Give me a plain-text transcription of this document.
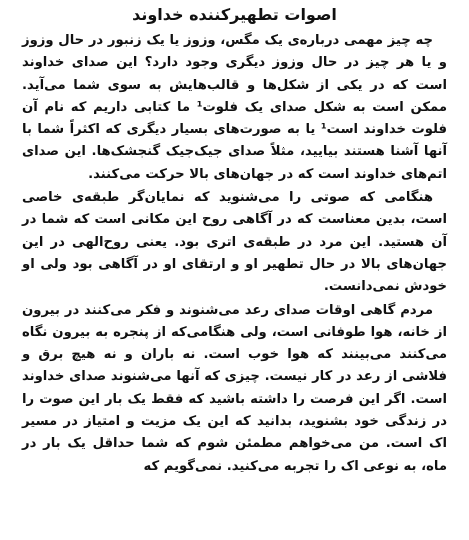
اصوات تطهیرکننده خداوند

چه چیز مهمی درباره‌ی یک مگس، وزوز یا یک زنبور در حال وزوز و یا هر چیز در حال وزوز دیگری وجود دارد؟ این صدای خداوند است که در یکی از شکل‌ها و قالب‌هایش به سوی شما می‌آید. ممکن است به شکل صدای یک فلوت¹ ما کتابی داریم که نام آن فلوت خداوند است¹ یا به صورت‌های بسیار دیگری که اکثراً شما با آنها آشنا هستند بیایید، مثلاً صدای جیک‌جیک گنجشک‌ها. این صدای اتم‌های خداوند است که در جهان‌های بالا حرکت می‌کنند.

هنگامی که صوتی را می‌شنوید که نمایان‌گر طبقه‌ی خاصی است، بدین معناست که در آگاهی روح این مکانی است که شما در آن هستید. این مرد در طبقه‌ی اتری بود. یعنی روح‌الهی در این جهان‌های بالا در حال تطهیر او و ارتقای او در آگاهی بود ولی او خودش نمی‌دانست.

مردم گاهی اوقات صدای رعد می‌شنوند و فکر می‌کنند در بیرون از خانه، هوا طوفانی است، ولی هنگامی‌که از پنجره به بیرون نگاه می‌کنند می‌بینند که هوا خوب است. نه باران و نه هیچ برق و فلاشی از رعد در کار نیست. چیزی که آنها می‌شنوند صدای خداوند است. اگر این فرصت را داشته باشید که فقط یک بار این صوت را در زندگی خود بشنوید، بدانید که این یک مزیت و امتیاز در مسیر اک است. من می‌خواهم مطمئن شوم که شما حداقل یک بار در ماه، به نوعی اک را تجربه می‌کنید. نمی‌گویم که
